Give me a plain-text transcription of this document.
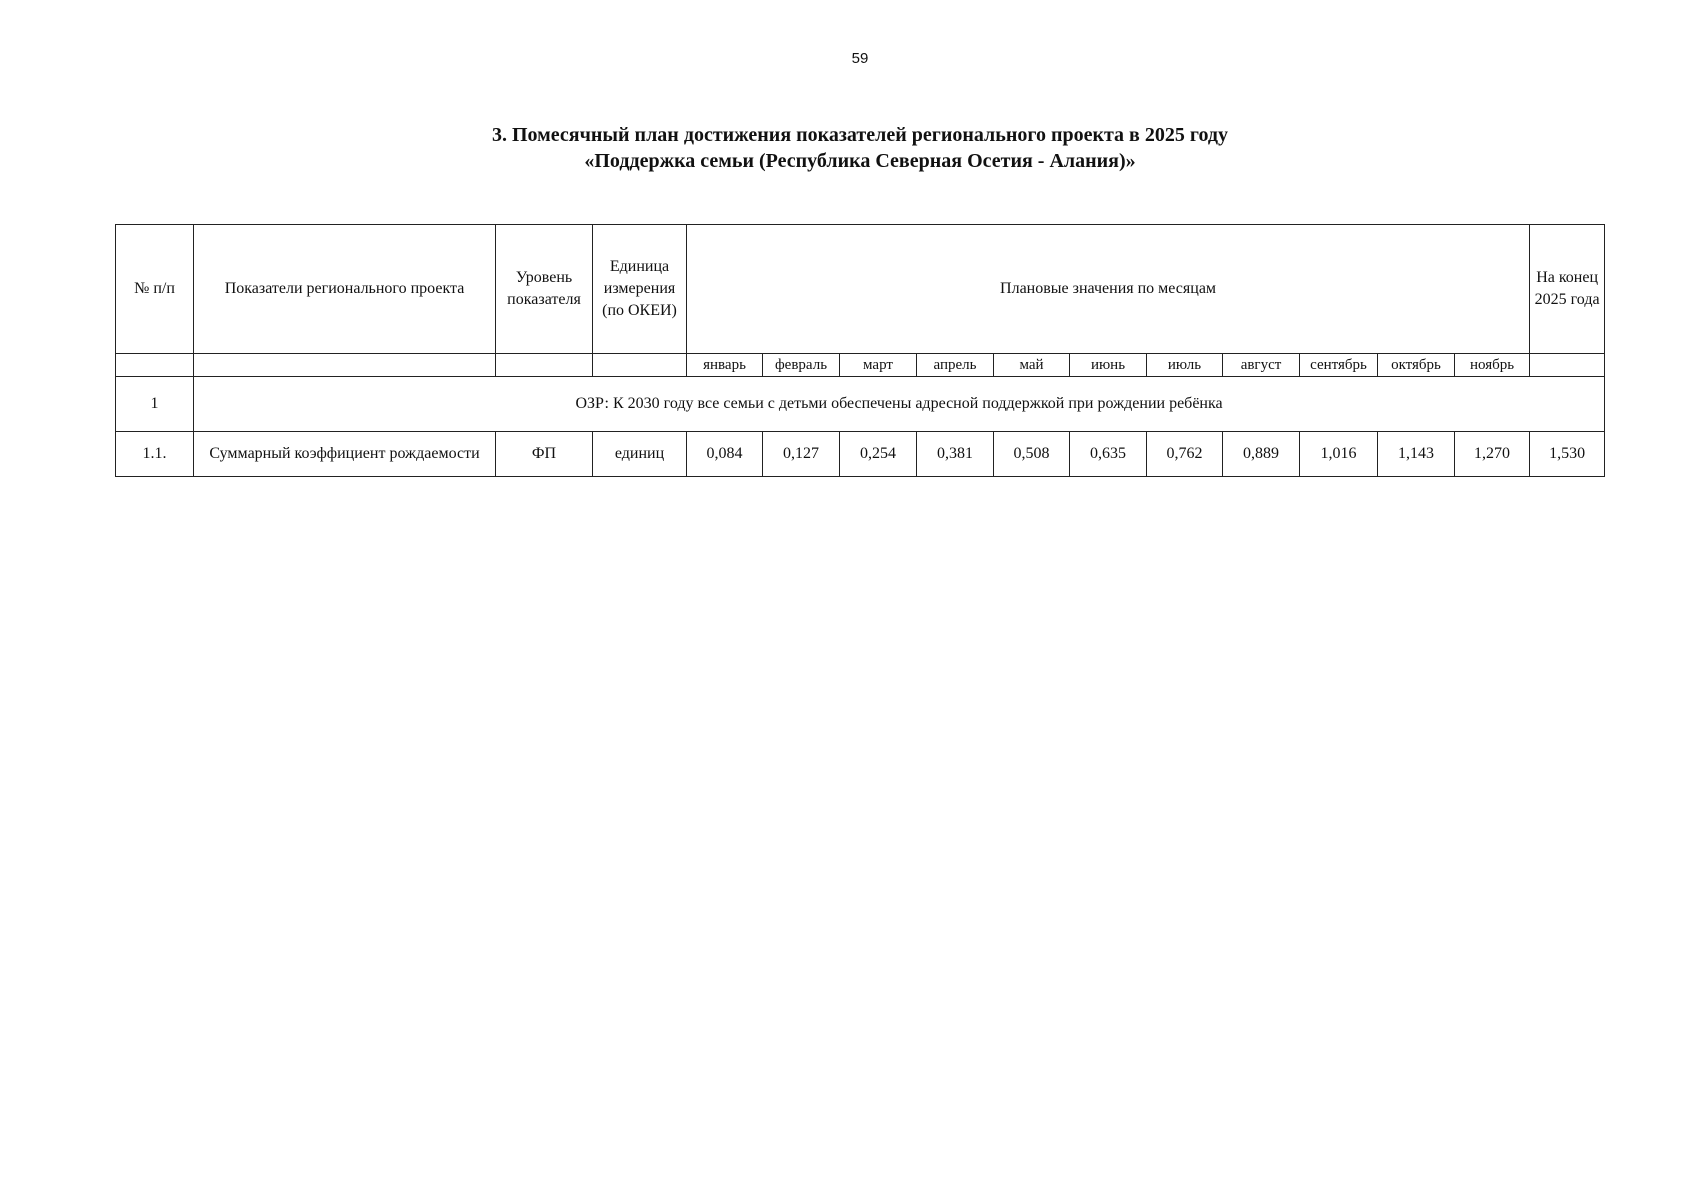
59
3. Помесячный план достижения показателей регионального проекта в 2025 году
«Поддержка семьи (Республика Северная Осетия - Алания)»
№ п/п	Показатели регионального проекта	Уровень показателя	Единица измерения (по ОКЕИ)	Плановые значения по месяцам											На конец 2025 года
				январь	февраль	март	апрель	май	июнь	июль	август	сентябрь	октябрь	ноябрь	
1	ОЗР: К 2030 году все семьи с детьми обеспечены адресной поддержкой при рождении ребёнка														
1.1.	Суммарный коэффициент рождаемости	ФП	единиц	0,084	0,127	0,254	0,381	0,508	0,635	0,762	0,889	1,016	1,143	1,270	1,530
